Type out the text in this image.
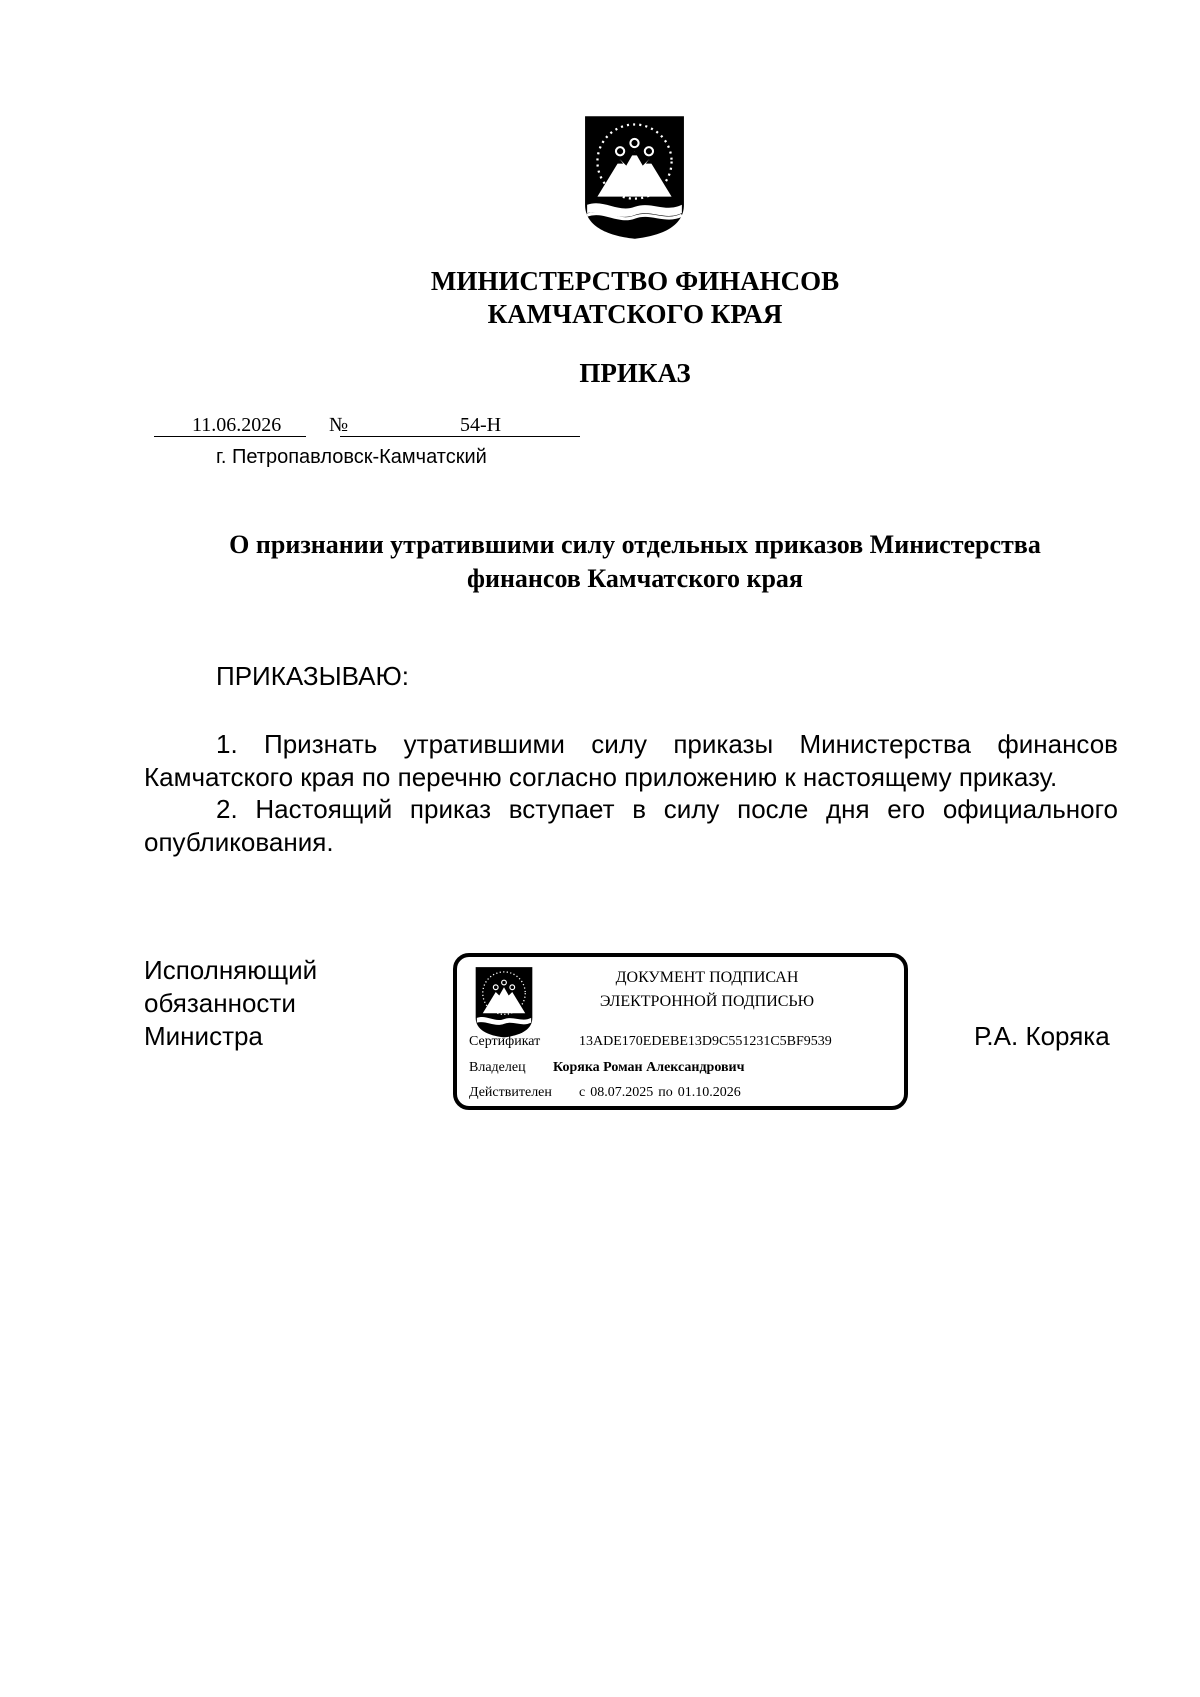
МИНИСТЕРСТВО ФИНАНСОВ
КАМЧАТСКОГО КРАЯ
ПРИКАЗ
11.06.2026 №	54-Н
г. Петропавловск-Камчатский
О признании утратившими силу отдельных приказов Министерства финансов Камчатского края
ПРИКАЗЫВАЮ:
1. Признать утратившими силу приказы Министерства финансов Камчатского края по перечню согласно приложению к настоящему приказу.
2. Настоящий приказ вступает в силу после дня его официального опубликования.
Исполняющий
обязанности
Министра	Р.А. Коряка
ДОКУМЕНТ ПОДПИСАН
ЭЛЕКТРОННОЙ ПОДПИСЬЮ
Сертификат	13ADE170EDEBE13D9C551231C5BF9539
Владелец Коряка Роман Александрович
Действителен с 08.07.2025 по 01.10.2026
